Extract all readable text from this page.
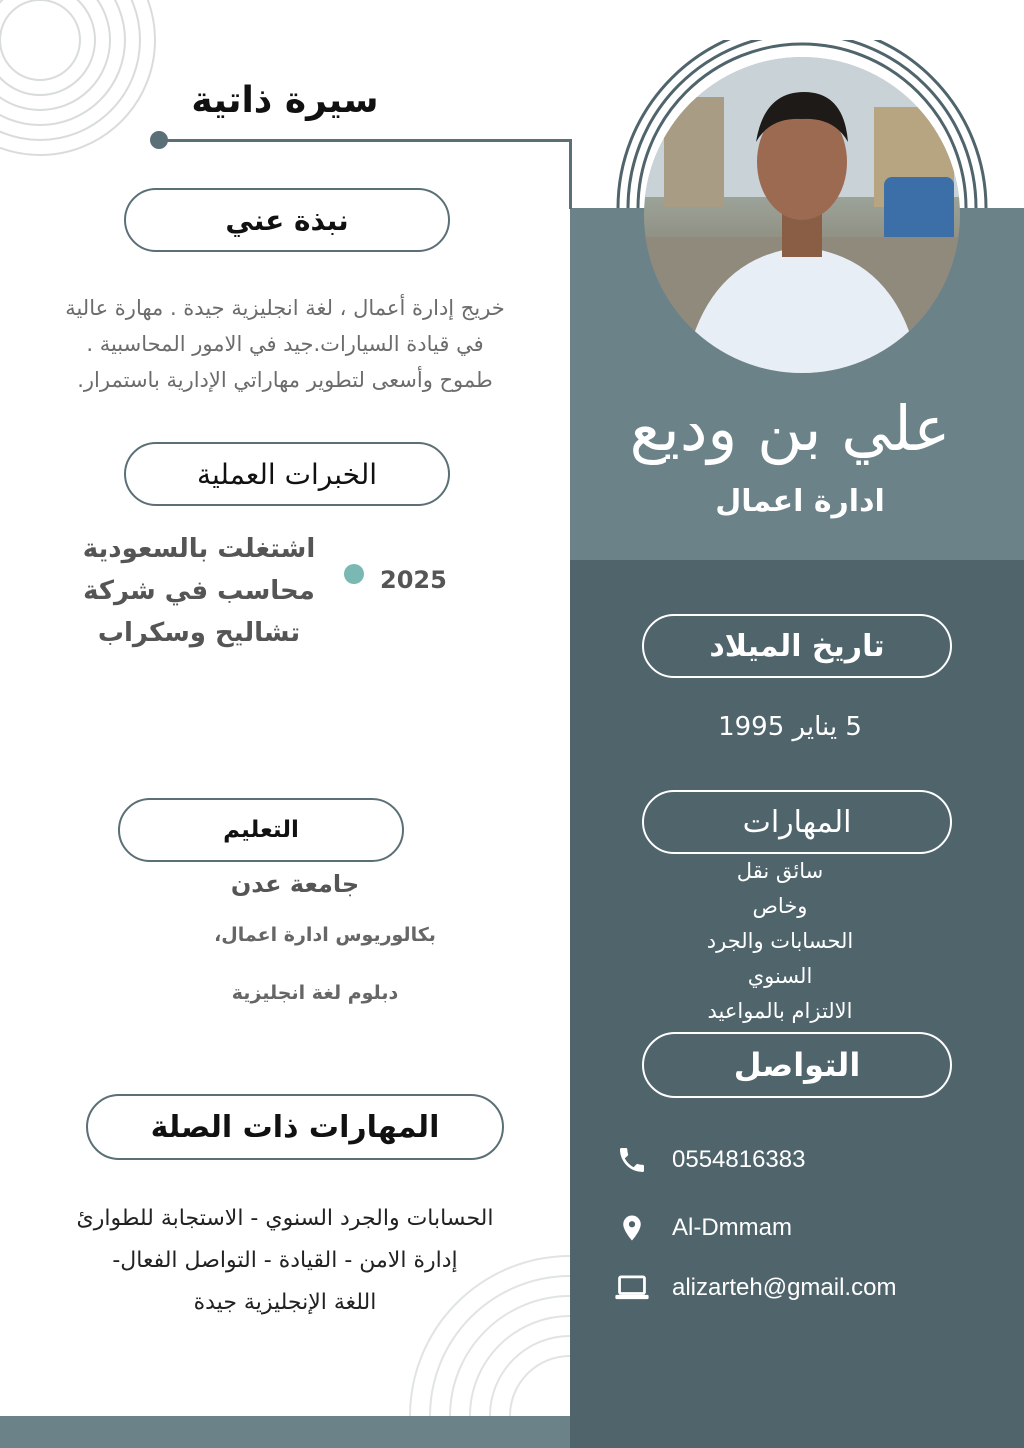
سيرة ذاتية
نبذة عني

خريج إدارة أعمال ، لغة انجليزية جيدة . مهارة عالية في قيادة السيارات.جيد في الامور المحاسبية . طموح وأسعى لتطوير مهاراتي الإدارية باستمرار.

الخبرات العملية
2025
اشتغلت بالسعودية
محاسب في شركة
تشاليح وسكراب
التعليم
جامعة عدن
بكالوريوس ادارة اعمال،
دبلوم لغة انجليزية
المهارات ذات الصلة
الحسابات والجرد السنوي - الاستجابة للطوارئ
إدارة الامن - القيادة - التواصل الفعال-
اللغة الإنجليزية جيدة
علي بن وديع
ادارة اعمال
تاريخ الميلاد
5 يناير 1995
المهارات
سائق نقل
وخاص
الحسابات والجرد
السنوي
الالتزام بالمواعيد
التواصل
0554816383
Al-Dmmam
alizarteh@gmail.com
